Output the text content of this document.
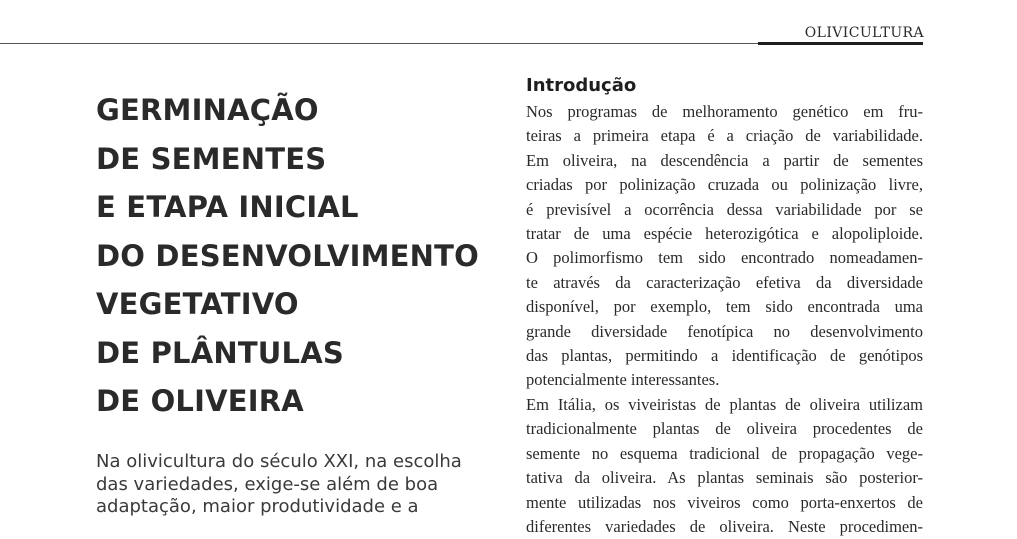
OLIVICULTURA
GERMINAÇÃO
DE SEMENTES
E ETAPA INICIAL
DO DESENVOLVIMENTO
VEGETATIVO
DE PLÂNTULAS
DE OLIVEIRA

Na olivicultura do século XXI, na escolha
das variedades, exige-se além de boa
adaptação, maior produtividade e a

Introdução

Nos programas de melhoramento genético em fru-
teiras a primeira etapa é a criação de variabilidade.
Em oliveira, na descendência a partir de sementes
criadas por polinização cruzada ou polinização livre,
é previsível a ocorrência dessa variabilidade por se
tratar de uma espécie heterozigótica e alopoliploide.
O polimorfismo tem sido encontrado nomeadamen-
te através da caracterização efetiva da diversidade
disponível, por exemplo, tem sido encontrada uma
grande diversidade fenotípica no desenvolvimento
das plantas, permitindo a identificação de genótipos
potencialmente interessantes.
Em Itália, os viveiristas de plantas de oliveira utilizam
tradicionalmente plantas de oliveira procedentes de
semente no esquema tradicional de propagação vege-
tativa da oliveira. As plantas seminais são posterior-
mente utilizadas nos viveiros como porta-enxertos de
diferentes variedades de oliveira. Neste procedimen-
